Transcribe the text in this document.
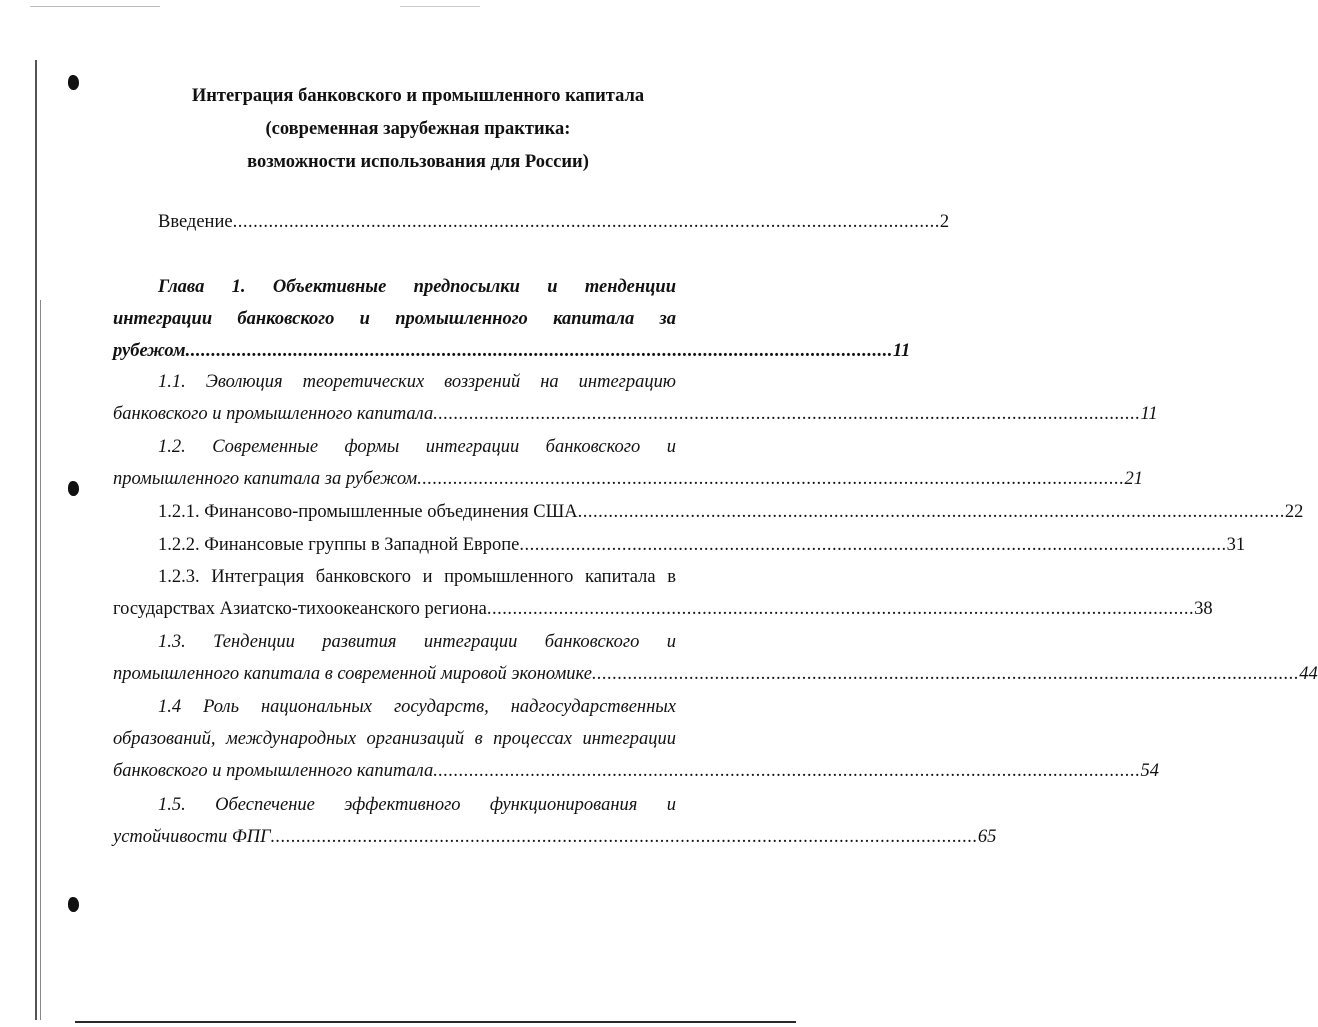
Интеграция банковского и промышленного капитала
(современная зарубежная практика:
возможности использования для России)
Введение .......................................................................................................................................... 2
Глава 1. Объективные предпосылки и тенденции
интеграции банковского и промышленного капитала за
рубежом .......................................................................................................................................... 11
1.1. Эволюция теоретических воззрений на интеграцию
банковского и промышленного капитала .......................................................................................................................................... 11
1.2. Современные формы интеграции банковского и
промышленного капитала за рубежом .......................................................................................................................................... 21
1.2.1. Финансово-промышленные объединения США .......................................................................................................................................... 22
1.2.2. Финансовые группы в Западной Европе .......................................................................................................................................... 31
1.2.3. Интеграция банковского и промышленного капитала в
государствах Азиатско-тихоокеанского региона .......................................................................................................................................... 38
1.3. Тенденции развития интеграции банковского и
промышленного капитала в современной мировой экономике .......................................................................................................................................... 44
1.4 Роль национальных государств, надгосударственных
образований, международных организаций в процессах интеграции
банковского и промышленного капитала .......................................................................................................................................... 54
1.5. Обеспечение эффективного функционирования и
устойчивости ФПГ .......................................................................................................................................... 65
